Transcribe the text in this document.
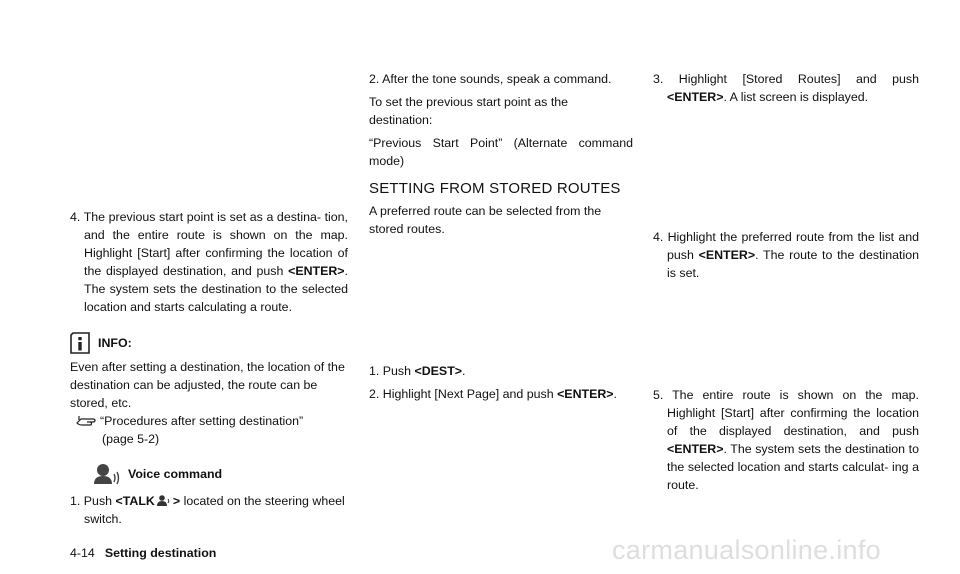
4. The previous start point is set as a destina- tion, and the entire route is shown on the map. Highlight [Start] after confirming the location of the displayed destination, and push <ENTER>. The system sets the destination to the selected location and starts calculating a route.

INFO:

Even after setting a destination, the location of the destination can be adjusted, the route can be stored, etc.

“Procedures after setting destination”
(page 5-2)
Voice command

1. Push <TALK > located on the steering wheel switch.

2. After the tone sounds, speak a command.

To set the previous start point as the destination:

“Previous Start Point” (Alternate command mode)

SETTING FROM STORED ROUTES

A preferred route can be selected from the stored routes.

1. Push <DEST>.

2. Highlight [Next Page] and push <ENTER>.

3. Highlight [Stored Routes] and push <ENTER>. A list screen is displayed.

4. Highlight the preferred route from the list and push <ENTER>. The route to the destination is set.

5. The entire route is shown on the map. Highlight [Start] after confirming the location of the displayed destination, and push <ENTER>. The system sets the destination to the selected location and starts calculat- ing a route.

4-14 Setting destination	carmanualsonline.info
